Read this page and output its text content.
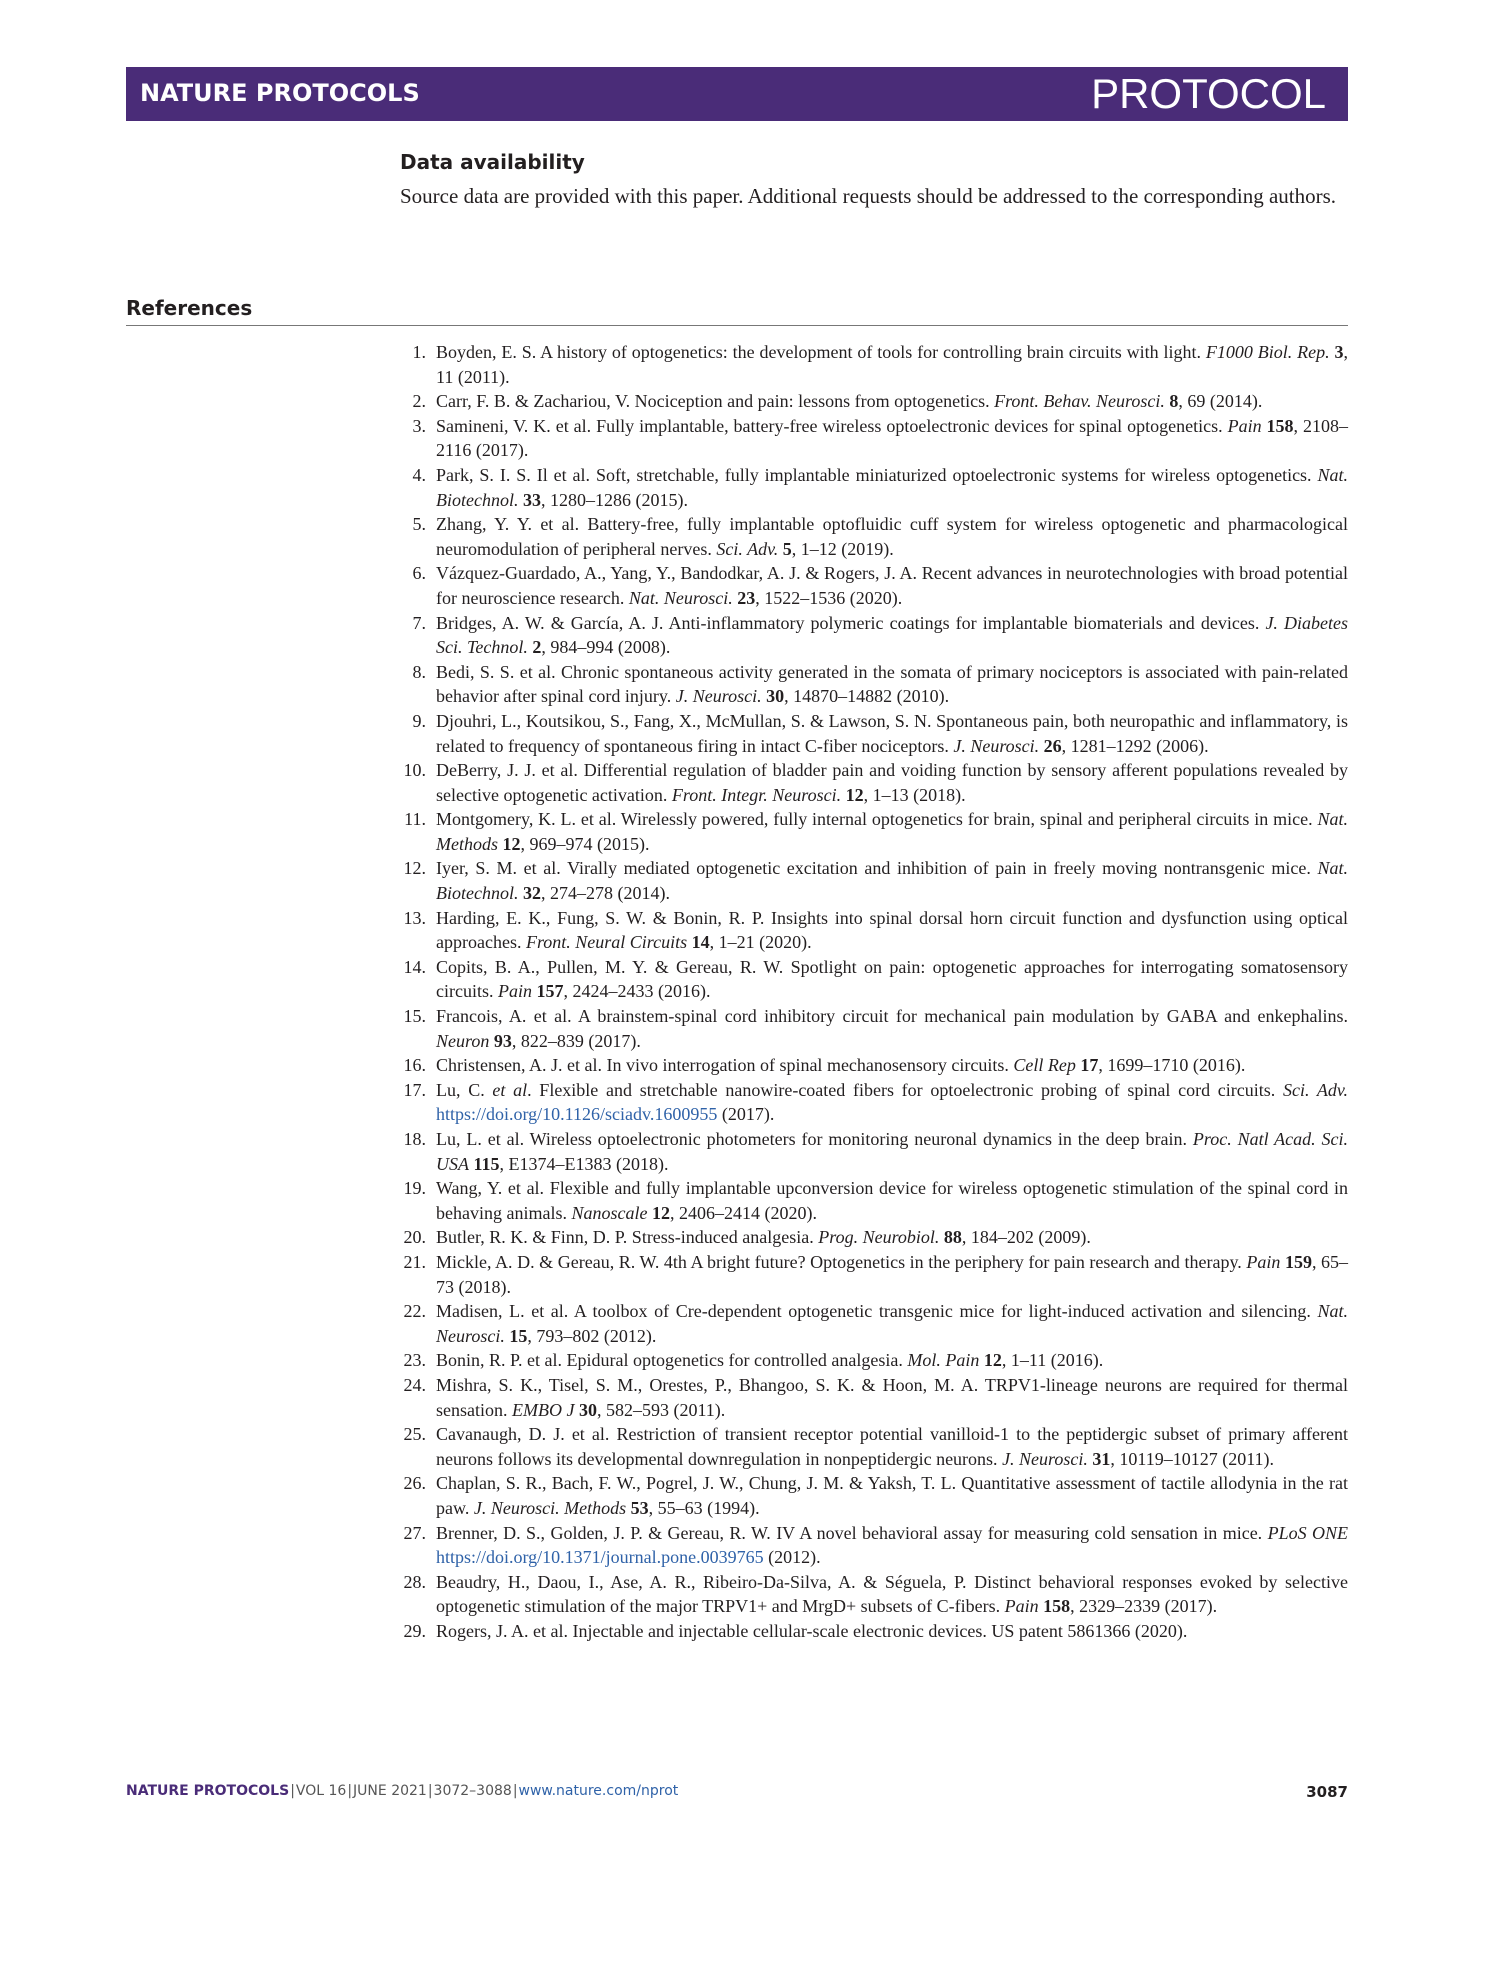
NATURE PROTOCOLS	PROTOCOL
Data availability

Source data are provided with this paper. Additional requests should be addressed to the corresponding authors.

References
1. Boyden, E. S. A history of optogenetics: the development of tools for controlling brain circuits with light. F1000 Biol. Rep. 3, 11 (2011).
2. Carr, F. B. & Zachariou, V. Nociception and pain: lessons from optogenetics. Front. Behav. Neurosci. 8, 69 (2014).
3. Samineni, V. K. et al. Fully implantable, battery-free wireless optoelectronic devices for spinal optogenetics. Pain 158, 2108–2116 (2017).
4. Park, S. I. S. Il et al. Soft, stretchable, fully implantable miniaturized optoelectronic systems for wireless optogenetics. Nat. Biotechnol. 33, 1280–1286 (2015).
5. Zhang, Y. Y. et al. Battery-free, fully implantable optofluidic cuff system for wireless optogenetic and pharmacological neuromodulation of peripheral nerves. Sci. Adv. 5, 1–12 (2019).
6. Vázquez-Guardado, A., Yang, Y., Bandodkar, A. J. & Rogers, J. A. Recent advances in neurotechnologies with broad potential for neuroscience research. Nat. Neurosci. 23, 1522–1536 (2020).
7. Bridges, A. W. & García, A. J. Anti-inflammatory polymeric coatings for implantable biomaterials and devices. J. Diabetes Sci. Technol. 2, 984–994 (2008).
8. Bedi, S. S. et al. Chronic spontaneous activity generated in the somata of primary nociceptors is associated with pain-related behavior after spinal cord injury. J. Neurosci. 30, 14870–14882 (2010).
9. Djouhri, L., Koutsikou, S., Fang, X., McMullan, S. & Lawson, S. N. Spontaneous pain, both neuropathic and inflammatory, is related to frequency of spontaneous firing in intact C-fiber nociceptors. J. Neurosci. 26, 1281–1292 (2006).
10. DeBerry, J. J. et al. Differential regulation of bladder pain and voiding function by sensory afferent populations revealed by selective optogenetic activation. Front. Integr. Neurosci. 12, 1–13 (2018).
11. Montgomery, K. L. et al. Wirelessly powered, fully internal optogenetics for brain, spinal and peripheral circuits in mice. Nat. Methods 12, 969–974 (2015).
12. Iyer, S. M. et al. Virally mediated optogenetic excitation and inhibition of pain in freely moving nontransgenic mice. Nat. Biotechnol. 32, 274–278 (2014).
13. Harding, E. K., Fung, S. W. & Bonin, R. P. Insights into spinal dorsal horn circuit function and dysfunction using optical approaches. Front. Neural Circuits 14, 1–21 (2020).
14. Copits, B. A., Pullen, M. Y. & Gereau, R. W. Spotlight on pain: optogenetic approaches for interrogating somatosensory circuits. Pain 157, 2424–2433 (2016).
15. Francois, A. et al. A brainstem-spinal cord inhibitory circuit for mechanical pain modulation by GABA and enkephalins. Neuron 93, 822–839 (2017).
16. Christensen, A. J. et al. In vivo interrogation of spinal mechanosensory circuits. Cell Rep 17, 1699–1710 (2016).
17. Lu, C. et al. Flexible and stretchable nanowire-coated fibers for optoelectronic probing of spinal cord circuits. Sci. Adv. https://doi.org/10.1126/sciadv.1600955 (2017).
18. Lu, L. et al. Wireless optoelectronic photometers for monitoring neuronal dynamics in the deep brain. Proc. Natl Acad. Sci. USA 115, E1374–E1383 (2018).
19. Wang, Y. et al. Flexible and fully implantable upconversion device for wireless optogenetic stimulation of the spinal cord in behaving animals. Nanoscale 12, 2406–2414 (2020).
20. Butler, R. K. & Finn, D. P. Stress-induced analgesia. Prog. Neurobiol. 88, 184–202 (2009).
21. Mickle, A. D. & Gereau, R. W. 4th A bright future? Optogenetics in the periphery for pain research and therapy. Pain 159, 65–73 (2018).
22. Madisen, L. et al. A toolbox of Cre-dependent optogenetic transgenic mice for light-induced activation and silencing. Nat. Neurosci. 15, 793–802 (2012).
23. Bonin, R. P. et al. Epidural optogenetics for controlled analgesia. Mol. Pain 12, 1–11 (2016).
24. Mishra, S. K., Tisel, S. M., Orestes, P., Bhangoo, S. K. & Hoon, M. A. TRPV1-lineage neurons are required for thermal sensation. EMBO J 30, 582–593 (2011).
25. Cavanaugh, D. J. et al. Restriction of transient receptor potential vanilloid-1 to the peptidergic subset of primary afferent neurons follows its developmental downregulation in nonpeptidergic neurons. J. Neurosci. 31, 10119–10127 (2011).
26. Chaplan, S. R., Bach, F. W., Pogrel, J. W., Chung, J. M. & Yaksh, T. L. Quantitative assessment of tactile allodynia in the rat paw. J. Neurosci. Methods 53, 55–63 (1994).
27. Brenner, D. S., Golden, J. P. & Gereau, R. W. IV A novel behavioral assay for measuring cold sensation in mice. PLoS ONE https://doi.org/10.1371/journal.pone.0039765 (2012).
28. Beaudry, H., Daou, I., Ase, A. R., Ribeiro-Da-Silva, A. & Séguela, P. Distinct behavioral responses evoked by selective optogenetic stimulation of the major TRPV1+ and MrgD+ subsets of C-fibers. Pain 158, 2329–2339 (2017).
29. Rogers, J. A. et al. Injectable and injectable cellular-scale electronic devices. US patent 5861366 (2020).
NATURE PROTOCOLS|VOL 16|JUNE 2021|3072–3088|www.nature.com/nprot	3087
